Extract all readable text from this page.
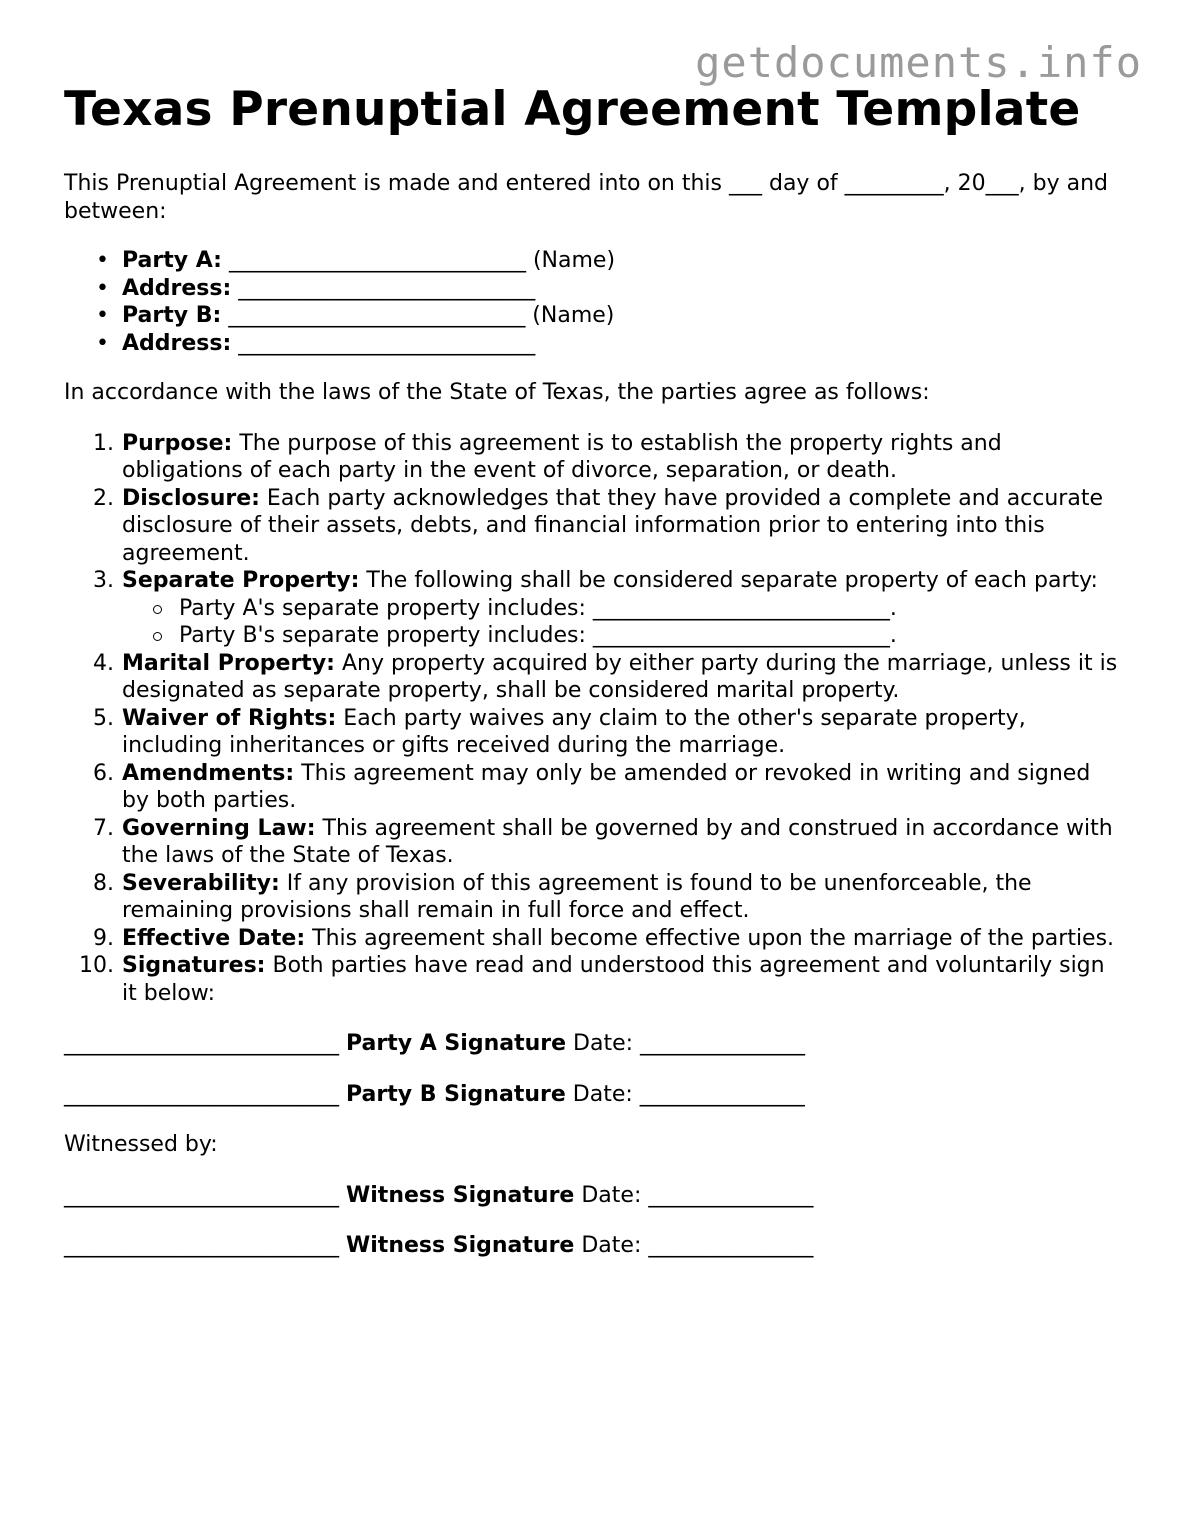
getdocuments.info
Texas Prenuptial Agreement Template

This Prenuptial Agreement is made and entered into on this ___ day of _________, 20___, by and between:

• Party A: ___________________________ (Name)
• Address: ___________________________
• Party B: ___________________________ (Name)
• Address: ___________________________

In accordance with the laws of the State of Texas, the parties agree as follows:

1. Purpose: The purpose of this agreement is to establish the property rights and obligations of each party in the event of divorce, separation, or death.
2. Disclosure: Each party acknowledges that they have provided a complete and accurate disclosure of their assets, debts, and financial information prior to entering into this agreement.
3. Separate Property: The following shall be considered separate property of each party:
Party A's separate property includes: ___________________________.
Party B's separate property includes: ___________________________.
4. Marital Property: Any property acquired by either party during the marriage, unless it is designated as separate property, shall be considered marital property.
5. Waiver of Rights: Each party waives any claim to the other's separate property, including inheritances or gifts received during the marriage.
6. Amendments: This agreement may only be amended or revoked in writing and signed by both parties.
7. Governing Law: This agreement shall be governed by and construed in accordance with the laws of the State of Texas.
8. Severability: If any provision of this agreement is found to be unenforceable, the remaining provisions shall remain in full force and effect.
9. Effective Date: This agreement shall become effective upon the marriage of the parties.
10. Signatures: Both parties have read and understood this agreement and voluntarily sign it below:
_________________________ Party A Signature Date: _______________
_________________________ Party B Signature Date: _______________

Witnessed by:

_________________________ Witness Signature Date: _______________
_________________________ Witness Signature Date: _______________
